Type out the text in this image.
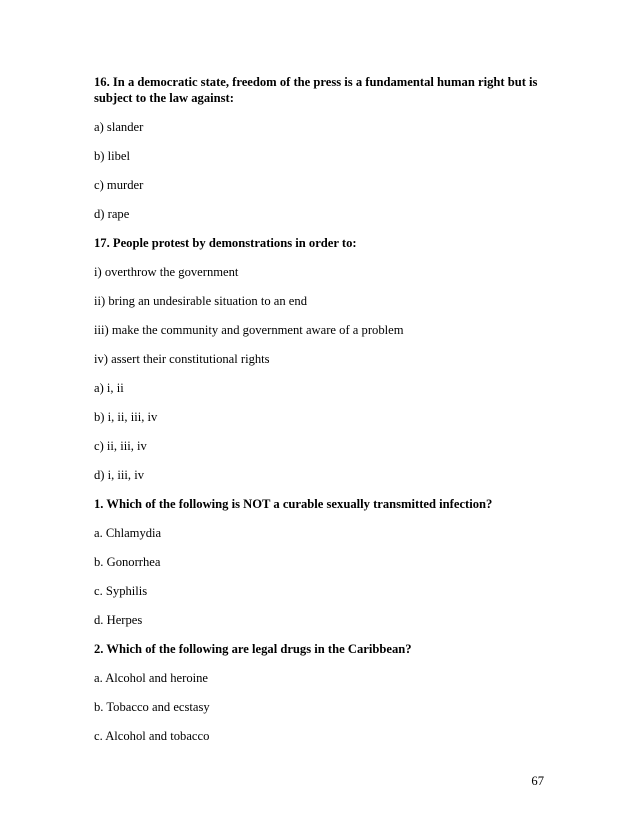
16. In a democratic state, freedom of the press is a fundamental human right but is subject to the law against:

a) slander

b) libel

c) murder

d) rape

17. People protest by demonstrations in order to:

i) overthrow the government

ii) bring an undesirable situation to an end

iii) make the community and government aware of a problem

iv) assert their constitutional rights

a) i, ii

b) i, ii, iii, iv

c) ii, iii, iv

d) i, iii, iv

1. Which of the following is NOT a curable sexually transmitted infection?

a. Chlamydia

b. Gonorrhea

c. Syphilis

d. Herpes

2. Which of the following are legal drugs in the Caribbean?

a. Alcohol and heroine

b. Tobacco and ecstasy

c. Alcohol and tobacco

67
